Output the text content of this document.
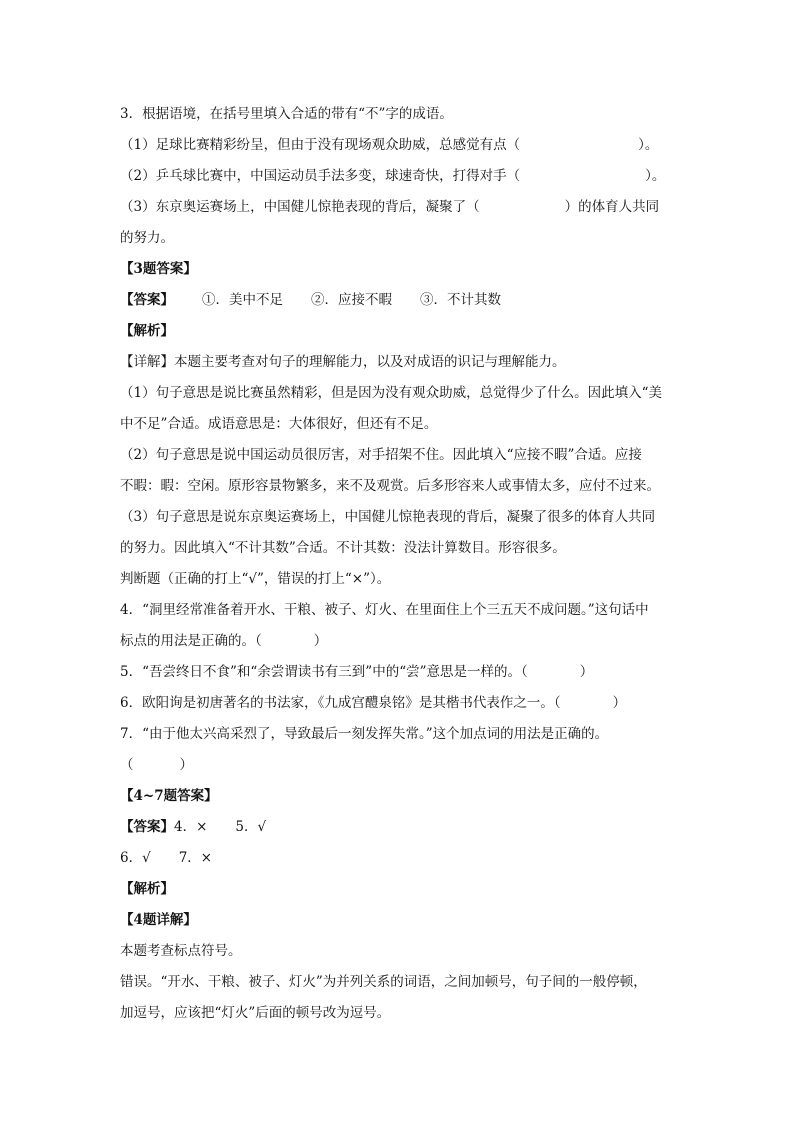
3．根据语境，在括号里填入合适的带有“不”字的成语。
（1）足球比赛精彩纷呈，但由于没有现场观众助威，总感觉有点（	）。
（2）乒乓球比赛中，中国运动员手法多变，球速奇快，打得对手（	）。
（3）东京奥运赛场上，中国健儿惊艳表现的背后，凝聚了（	）的体育人共同
的努力。
【3题答案】
【答案】 ①．美中不足 ②．应接不暇 ③．不计其数
【解析】
【详解】本题主要考查对句子的理解能力，以及对成语的识记与理解能力。
（1）句子意思是说比赛虽然精彩，但是因为没有观众助威，总觉得少了什么。因此填入“美
中不足”合适。成语意思是：大体很好，但还有不足。
（2）句子意思是说中国运动员很厉害，对手招架不住。因此填入“应接不暇”合适。应接
不暇：暇：空闲。原形容景物繁多，来不及观赏。后多形容来人或事情太多，应付不过来。
（3）句子意思是说东京奥运赛场上，中国健儿惊艳表现的背后，凝聚了很多的体育人共同
的努力。因此填入“不计其数”合适。不计其数：没法计算数目。形容很多。
判断题（正确的打上“√”，错误的打上“×”）。
4．“洞里经常准备着开水、干粮、被子、灯火、在里面住上个三五天不成问题。”这句话中
标点的用法是正确的。（	）
5．“吾尝终日不食”和“余尝谓读书有三到”中的“尝”意思是一样的。（	）
6．欧阳询是初唐著名的书法家，《九成宫醴泉铭》是其楷书代表作之一。（	）
7．“由于他太兴高采烈了，导致最后一刻发挥失常。”这个加点词的用法是正确的。
（	）
【4~7题答案】
【答案】4．× 5．√
6．√ 7．×
【解析】
【4题详解】
本题考查标点符号。
错误。“开水、干粮、被子、灯火”为并列关系的词语，之间加顿号，句子间的一般停顿，
加逗号，应该把“灯火”后面的顿号改为逗号。
